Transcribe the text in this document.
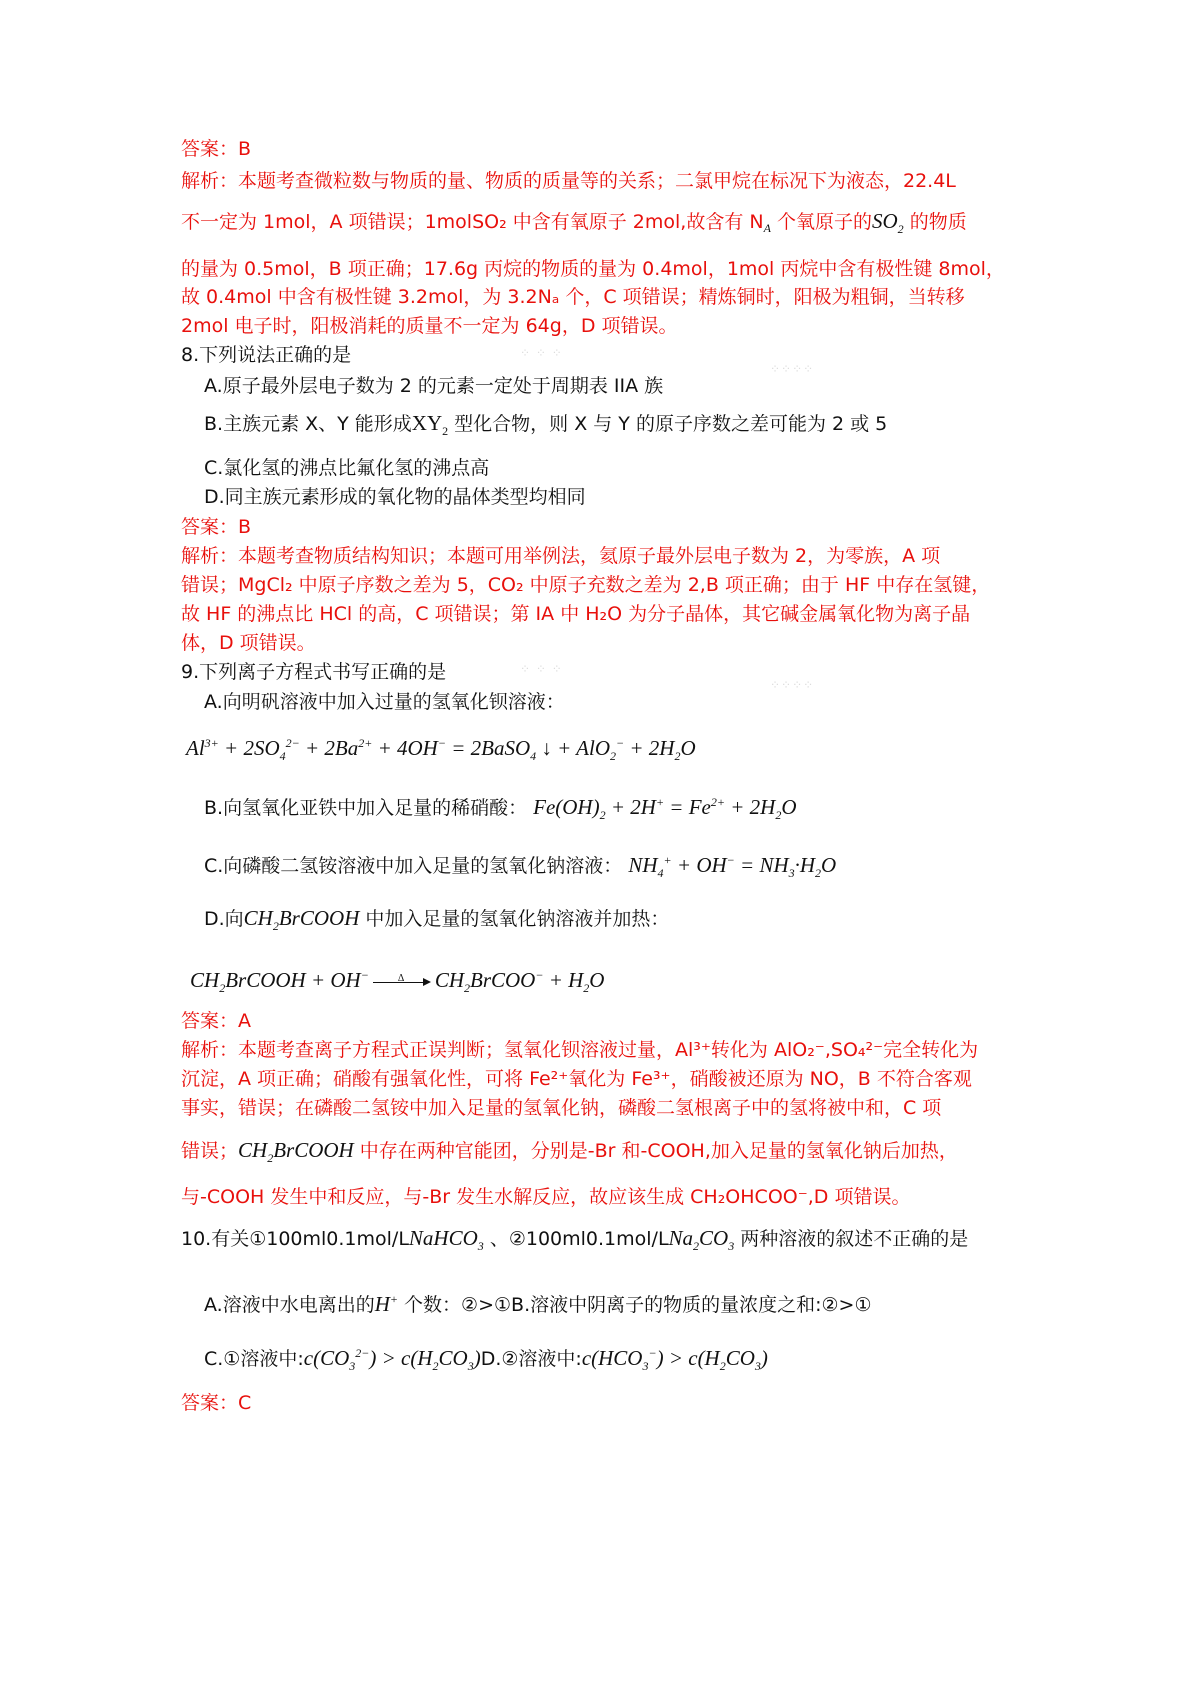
答案：B
解析：本题考查微粒数与物质的量、物质的质量等的关系；二氯甲烷在标况下为液态，22.4L
不一定为 1mol，A 项错误；1molSO₂ 中含有氧原子 2mol,故含有 $N_A$ 个氧原子的$SO_2$ 的物质
的量为 0.5mol，B 项正确；17.6g 丙烷的物质的量为 0.4mol，1mol 丙烷中含有极性键 8mol，
故 0.4mol 中含有极性键 3.2mol，为 3.2Nₐ 个，C 项错误；精炼铜时，阳极为粗铜，当转移
2mol 电子时，阳极消耗的质量不一定为 64g，D 项错误。
8.下列说法正确的是	⁘ ⁘ ⁘
⁘⁘⁘⁘
A.原子最外层电子数为 2 的元素一定处于周期表 IIA 族
B.主族元素 X、Y 能形成$XY_2$ 型化合物，则 X 与 Y 的原子序数之差可能为 2 或 5
C.氯化氢的沸点比氟化氢的沸点高
D.同主族元素形成的氧化物的晶体类型均相同
答案：B
解析：本题考查物质结构知识；本题可用举例法，氦原子最外层电子数为 2，为零族，A 项
错误；MgCl₂ 中原子序数之差为 5，CO₂ 中原子充数之差为 2,B 项正确；由于 HF 中存在氢键，
故 HF 的沸点比 HCl 的高，C 项错误；第 IA 中 H₂O 为分子晶体，其它碱金属氧化物为离子晶
体，D 项错误。
9.下列离子方程式书写正确的是	⁘ ⁘ ⁘
⁘⁘⁘⁘
A.向明矾溶液中加入过量的氢氧化钡溶液：
$Al^{3+} + 2SO_4^{2-} + 2Ba^{2+} + 4OH^-$ = 2BaSO$_4$ ↓ + $AlO_2^- + 2H_2O$
B.向氢氧化亚铁中加入足量的稀硝酸： $Fe(OH)_2 + 2H^+ = Fe^{2+} + 2H_2O$
C.向磷酸二氢铵溶液中加入足量的氢氧化钠溶液： $NH_4^+ + OH^- = NH_3\cdot H_2O$
D.向$CH_2BrCOOH$ 中加入足量的氢氧化钠溶液并加热：
$CH_2BrCOOH + OH^-$	Δ $CH_2BrCOO^- + H_2O$
答案：A
解析：本题考查离子方程式正误判断；氢氧化钡溶液过量，Al³⁺转化为 AlO₂⁻,SO₄²⁻完全转化为
沉淀，A 项正确；硝酸有强氧化性，可将 Fe²⁺氧化为 Fe³⁺，硝酸被还原为 NO，B 不符合客观
事实，错误；在磷酸二氢铵中加入足量的氢氧化钠，磷酸二氢根离子中的氢将被中和，C 项
错误；$CH_2BrCOOH$ 中存在两种官能团，分别是-Br 和-COOH,加入足量的氢氧化钠后加热，
与-COOH 发生中和反应，与-Br 发生水解反应，故应该生成 CH₂OHCOO⁻,D 项错误。
10.有关①100ml0.1mol/LNaHCO$_3$ 、$②100ml0.1mol/LNa_2CO_3$ 两种溶液的叙述不正确的是
A.溶液中水电离出的H+ 个数：②>①B.溶液中阴离子的物质的量浓度之和:②>①
C.①溶液中$:c(CO_3^{2-})$ > $c(H_2CO_3)D.②$溶液中$:c(HCO_3^-) > c(H_2CO_3)$
答案：C
